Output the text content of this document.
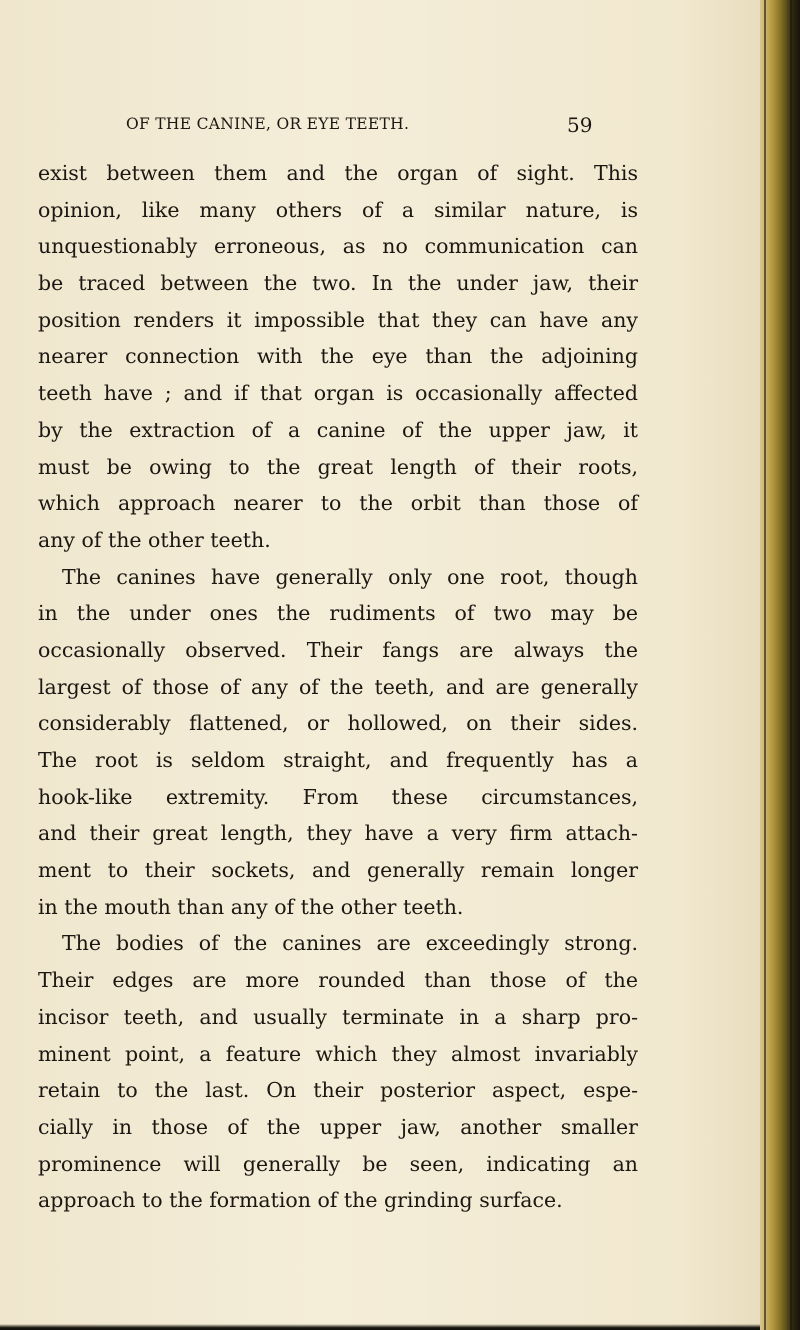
OF THE CANINE, OR EYE TEETH.	59
exist between them and the organ of sight. This
opinion, like many others of a similar nature, is
unquestionably erroneous, as no communication can
be traced between the two. In the under jaw, their
position renders it impossible that they can have any
nearer connection with the eye than the adjoining
teeth have ; and if that organ is occasionally affected
by the extraction of a canine of the upper jaw, it
must be owing to the great length of their roots,
which approach nearer to the orbit than those of
any of the other teeth.
The canines have generally only one root, though
in the under ones the rudiments of two may be
occasionally observed. Their fangs are always the
largest of those of any of the teeth, and are generally
considerably flattened, or hollowed, on their sides.
The root is seldom straight, and frequently has a
hook-like extremity. From these circumstances,
and their great length, they have a very firm attach-
ment to their sockets, and generally remain longer
in the mouth than any of the other teeth.
The bodies of the canines are exceedingly strong.
Their edges are more rounded than those of the
incisor teeth, and usually terminate in a sharp pro-
minent point, a feature which they almost invariably
retain to the last. On their posterior aspect, espe-
cially in those of the upper jaw, another smaller
prominence will generally be seen, indicating an
approach to the formation of the grinding surface.
